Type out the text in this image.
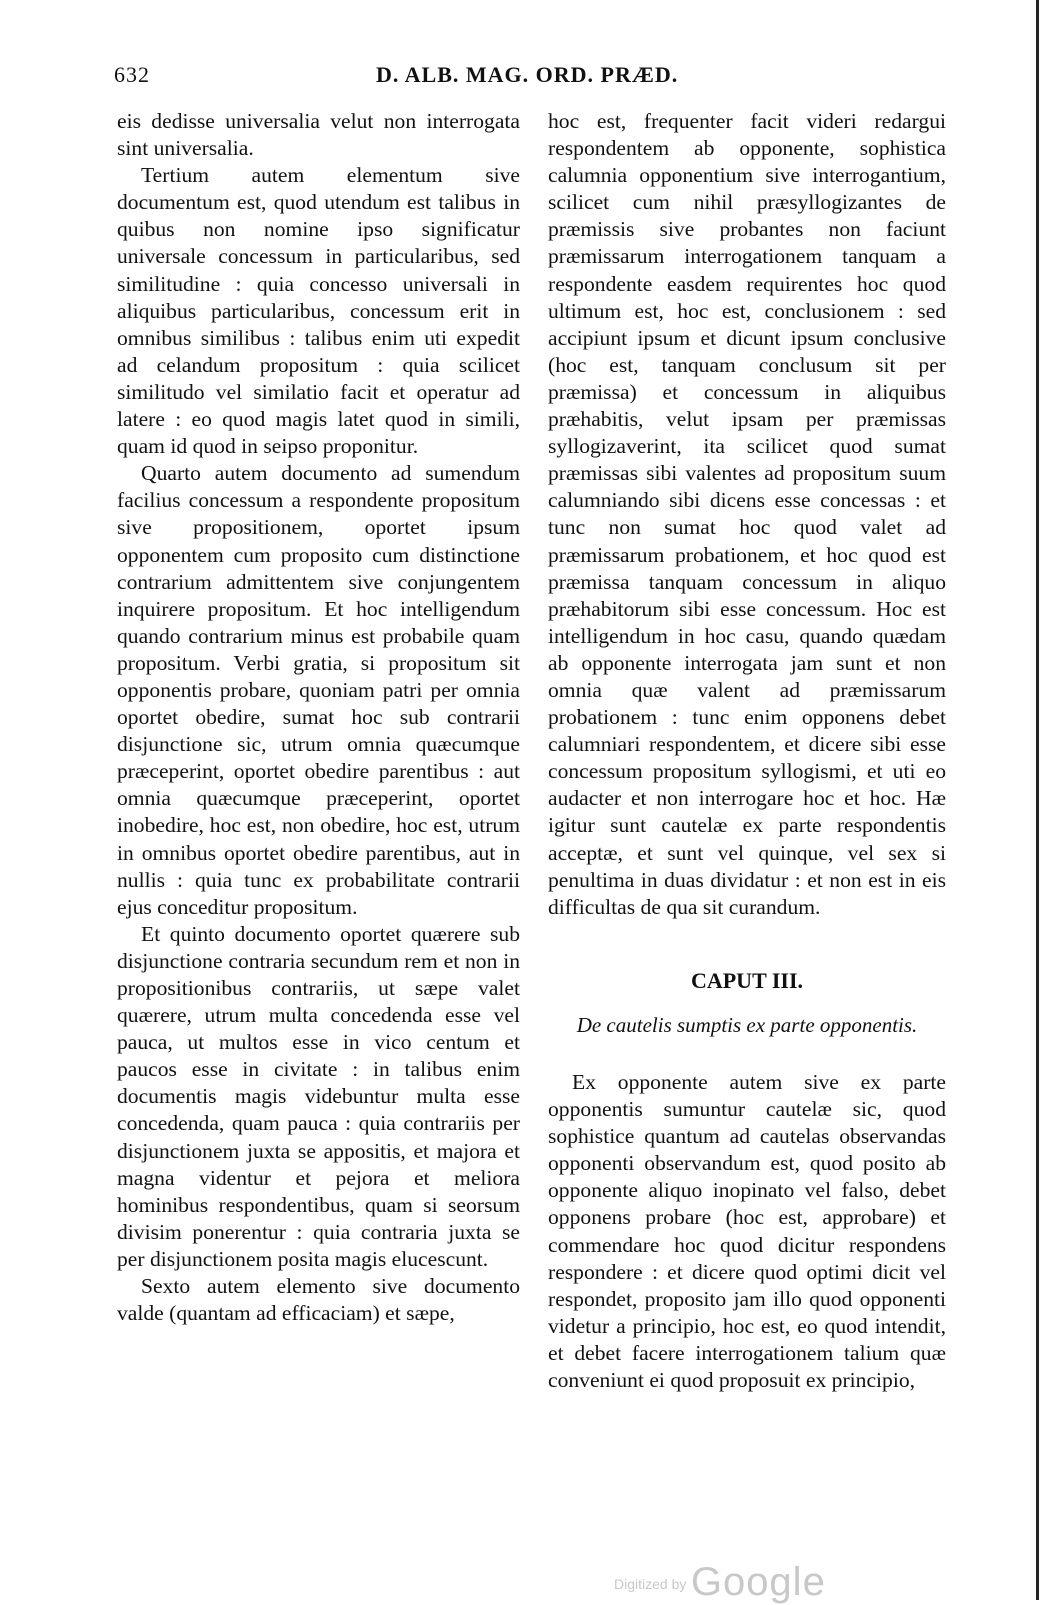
632	D. ALB. MAG. ORD. PRÆD.

eis dedisse universalia velut non interrogata sint universalia.

Tertium autem elementum sive documentum est, quod utendum est talibus in quibus non nomine ipso significatur universale concessum in particularibus, sed similitudine : quia concesso universali in aliquibus particularibus, concessum erit in omnibus similibus : talibus enim uti expedit ad celandum propositum : quia scilicet similitudo vel similatio facit et operatur ad latere : eo quod magis latet quod in simili, quam id quod in seipso proponitur.

Quarto autem documento ad sumendum facilius concessum a respondente propositum sive propositionem, oportet ipsum opponentem cum proposito cum distinctione contrarium admittentem sive conjungentem inquirere propositum. Et hoc intelligendum quando contrarium minus est probabile quam propositum. Verbi gratia, si propositum sit opponentis probare, quoniam patri per omnia oportet obedire, sumat hoc sub contrarii disjunctione sic, utrum omnia quæcumque præceperint, oportet obedire parentibus : aut omnia quæcumque præceperint, oportet inobedire, hoc est, non obedire, hoc est, utrum in omnibus oportet obedire parentibus, aut in nullis : quia tunc ex probabilitate contrarii ejus conceditur propositum.

Et quinto documento oportet quærere sub disjunctione contraria secundum rem et non in propositionibus contrariis, ut sæpe valet quærere, utrum multa concedenda esse vel pauca, ut multos esse in vico centum et paucos esse in civitate : in talibus enim documentis magis videbuntur multa esse concedenda, quam pauca : quia contrariis per disjunctionem juxta se appositis, et majora et magna videntur et pejora et meliora hominibus respondentibus, quam si seorsum divisim ponerentur : quia contraria juxta se per disjunctionem posita magis elucescunt.

Sexto autem elemento sive documento valde (quantam ad efficaciam) et sæpe,

hoc est, frequenter facit videri redargui respondentem ab opponente, sophistica calumnia opponentium sive interrogantium, scilicet cum nihil præsyllogizantes de præmissis sive probantes non faciunt præmissarum interrogationem tanquam a respondente easdem requirentes hoc quod ultimum est, hoc est, conclusionem : sed accipiunt ipsum et dicunt ipsum conclusive (hoc est, tanquam conclusum sit per præmissa) et concessum in aliquibus præhabitis, velut ipsam per præmissas syllogizaverint, ita scilicet quod sumat præmissas sibi valentes ad propositum suum calumniando sibi dicens esse concessas : et tunc non sumat hoc quod valet ad præmissarum probationem, et hoc quod est præmissa tanquam concessum in aliquo præhabitorum sibi esse concessum. Hoc est intelligendum in hoc casu, quando quædam ab opponente interrogata jam sunt et non omnia quæ valent ad præmissarum probationem : tunc enim opponens debet calumniari respondentem, et dicere sibi esse concessum propositum syllogismi, et uti eo audacter et non interrogare hoc et hoc. Hæ igitur sunt cautelæ ex parte respondentis acceptæ, et sunt vel quinque, vel sex si penultima in duas dividatur : et non est in eis difficultas de qua sit curandum.

CAPUT III.
De cautelis sumptis ex parte opponentis.

Ex opponente autem sive ex parte opponentis sumuntur cautelæ sic, quod sophistice quantum ad cautelas observandas opponenti observandum est, quod posito ab opponente aliquo inopinato vel falso, debet opponens probare (hoc est, approbare) et commendare hoc quod dicitur respondens respondere : et dicere quod optimi dicit vel respondet, proposito jam illo quod opponenti videtur a principio, hoc est, eo quod intendit, et debet facere interrogationem talium quæ conveniunt ei quod proposuit ex principio,

Digitized by Google
